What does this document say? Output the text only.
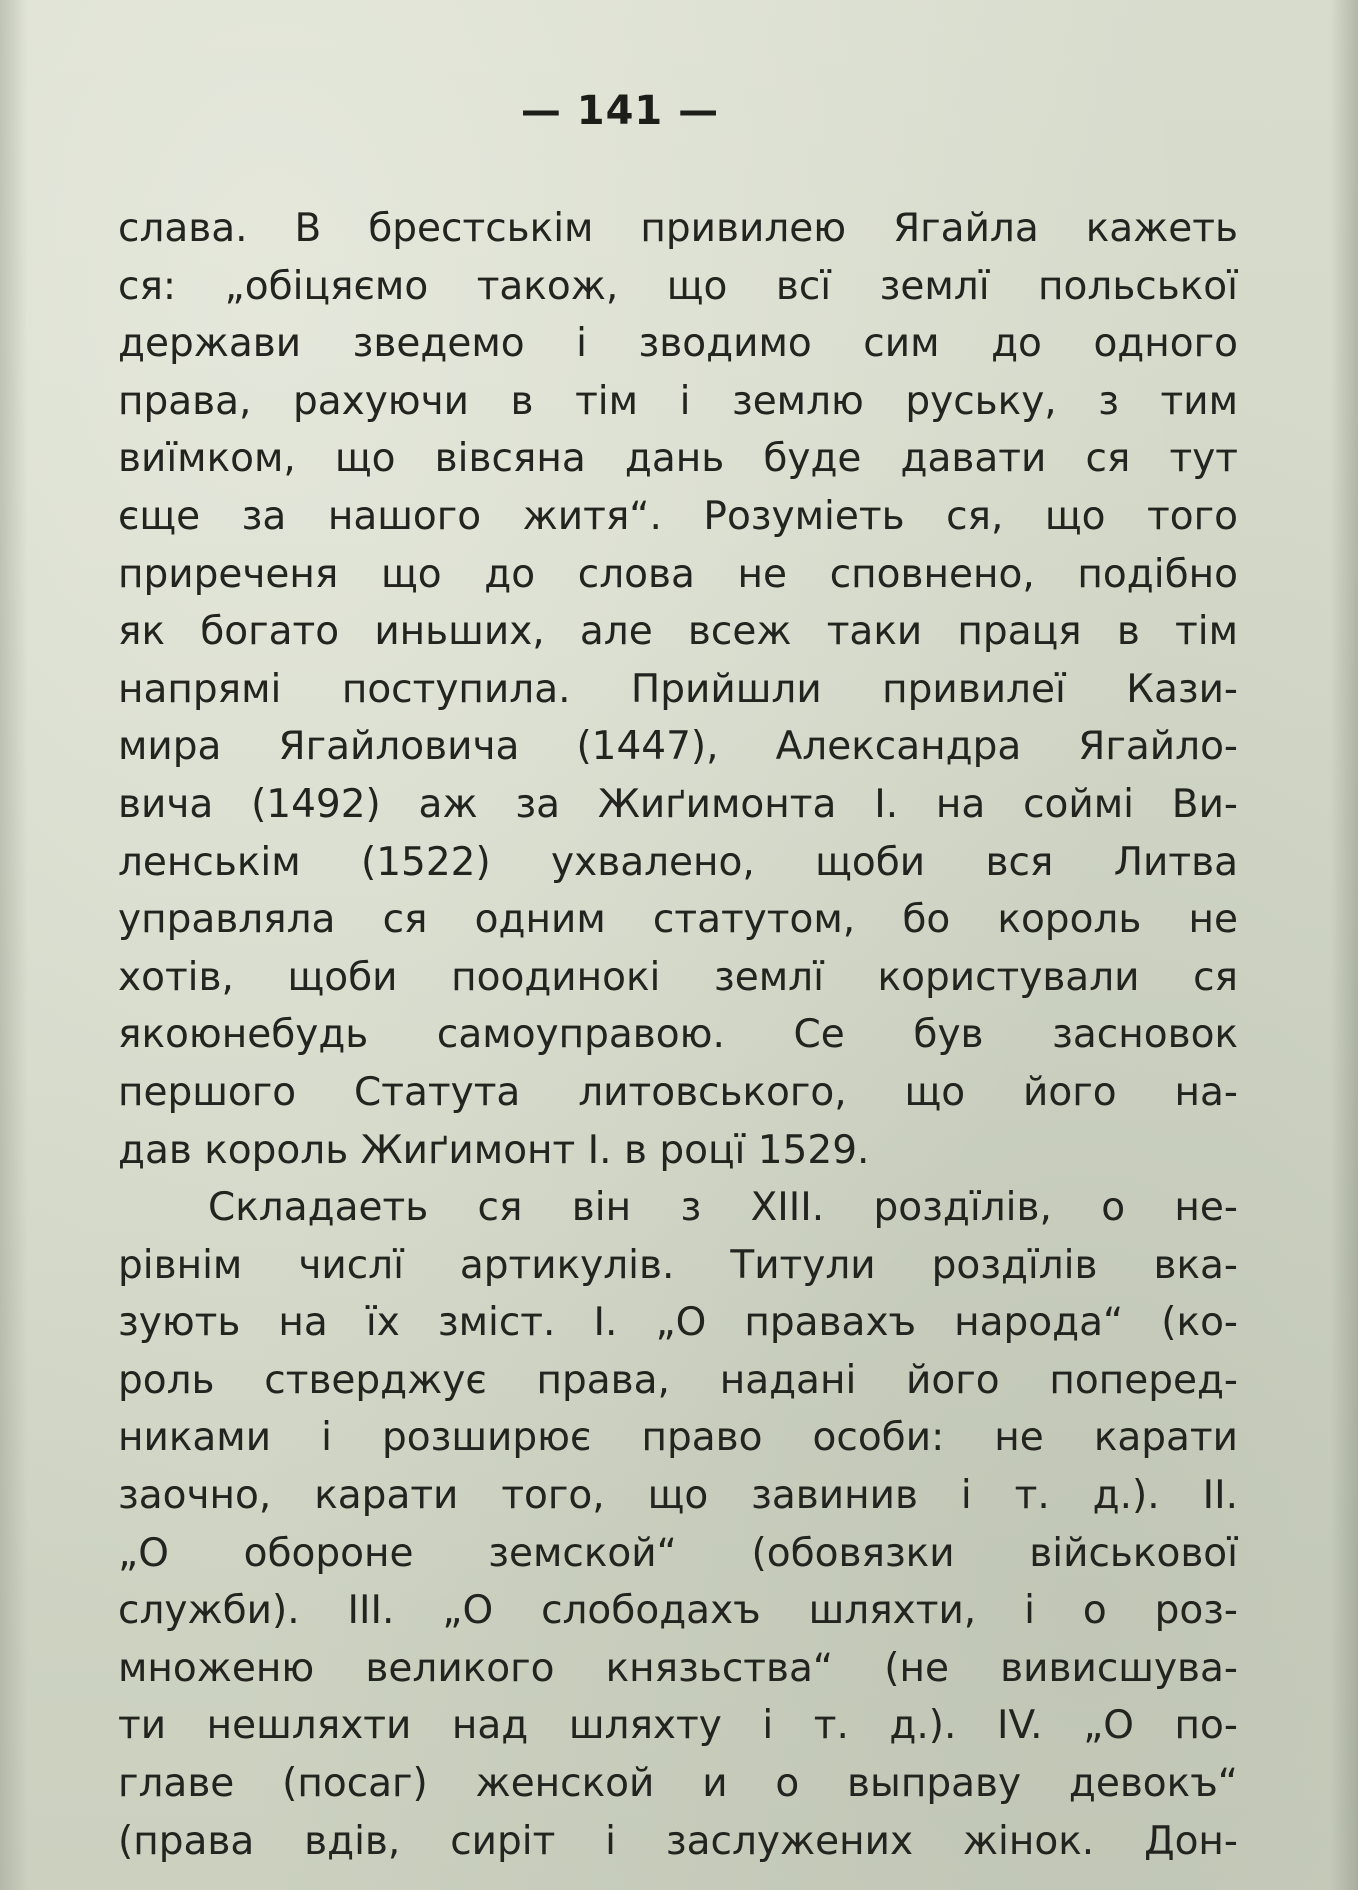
— 141 —
слава. В брестськім привилею Ягайла кажеть
ся: „обіцяємо також, що всї землї польської
держави зведемо і зводимо сим до одного
права, рахуючи в тім і землю руську, з тим
виїмком, що вівсяна дань буде давати ся тут
єще за нашого житя“. Розуміеть ся, що того
приреченя що до слова не сповнено, подібно
як богато иньших, але всеж таки праця в тім
напрямі поступила. Прийшли привилеї Кази-
мира Ягайловича (1447), Александра Ягайло-
вича (1492) аж за Жиґимонта І. на соймі Ви-
ленськім (1522) ухвалено, щоби вся Литва
управляла ся одним статутом, бо король не
хотів, щоби поодинокі землї користували ся
якоюнебудь самоуправою. Се був засновок
першого Статута литовського, що його на-
дав король Жиґимонт І. в роцї 1529.
Складаеть ся він з XIII. роздїлів, о не-
рівнім числї артикулів. Титули роздїлів вка-
зують на їх зміст. І. „О правахъ народа“ (ко-
роль стверджує права, надані його поперед-
никами і розширює право особи: не карати
заочно, карати того, що завинив і т. д.). II.
„О обороне земской“ (обовязки військової
служби). III. „О слободахъ шляхти, і о роз-
множеню великого князьства“ (не вивисшува-
ти нешляхти над шляхту і т. д.). IV. „О по-
главе (посаг) женской и о выправу девокъ“
(права вдів, сиріт і заслужених жінок. Дон-
